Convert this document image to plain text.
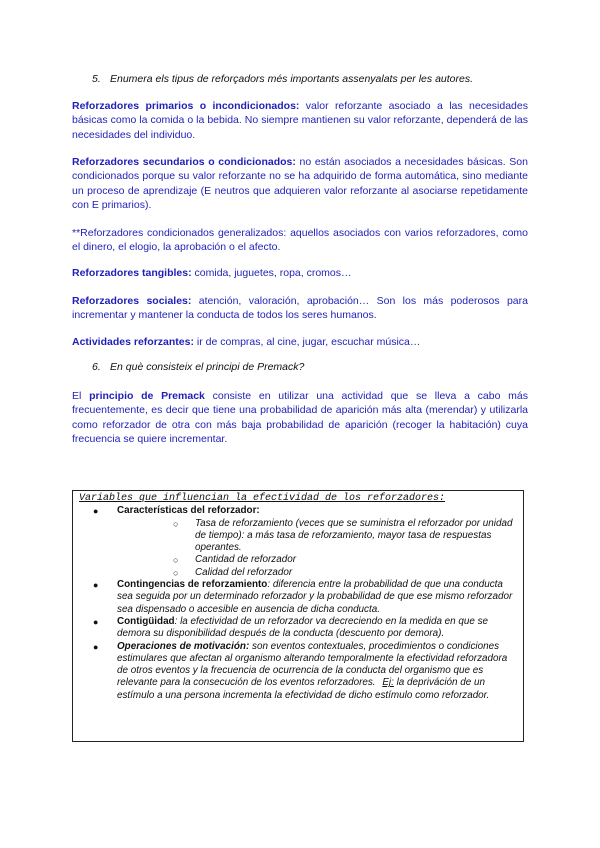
5. Enumera els tipus de reforçadors més importants assenyalats per les autores.
Reforzadores primarios o incondicionados: valor reforzante asociado a las necesidades básicas como la comida o la bebida. No siempre mantienen su valor reforzante, dependerá de las necesidades del individuo.
Reforzadores secundarios o condicionados: no están asociados a necesidades básicas. Son condicionados porque su valor reforzante no se ha adquirido de forma automática, sino mediante un proceso de aprendizaje (E neutros que adquieren valor reforzante al asociarse repetidamente con E primarios).
**Reforzadores condicionados generalizados: aquellos asociados con varios reforzadores, como el dinero, el elogio, la aprobación o el afecto.
Reforzadores tangibles: comida, juguetes, ropa, cromos…
Reforzadores sociales: atención, valoración, aprobación… Son los más poderosos para incrementar y mantener la conducta de todos los seres humanos.
Actividades reforzantes: ir de compras, al cine, jugar, escuchar música…
6. En què consisteix el principi de Premack?
El principio de Premack consiste en utilizar una actividad que se lleva a cabo más frecuentemente, es decir que tiene una probabilidad de aparición más alta (merendar) y utilizarla como reforzador de otra con más baja probabilidad de aparición (recoger la habitación) cuya frecuencia se quiere incrementar.
Variables que influencian la efectividad de los reforzadores:
● Características del reforzador:
○ Tasa de reforzamiento (veces que se suministra el reforzador por unidad de tiempo): a más tasa de reforzamiento, mayor tasa de respuestas operantes.
○ Cantidad de reforzador
○ Calidad del reforzador
● Contingencias de reforzamiento: diferencia entre la probabilidad de que una conducta sea seguida por un determinado reforzador y la probabilidad de que ese mismo reforzador sea dispensado o accesible en ausencia de dicha conducta.
● Contigüidad: la efectividad de un reforzador va decreciendo en la medida en que se demora su disponibilidad después de la conducta (descuento por demora).
● Operaciones de motivación: son eventos contextuales, procedimientos o condiciones estimulares que afectan al organismo alterando temporalmente la efectividad reforzadora de otros eventos y la frecuencia de ocurrencia de la conducta del organismo que es relevante para la consecución de los eventos reforzadores. Ej: la depriváción de un estímulo a una persona incrementa la efectividad de dicho estímulo como reforzador.
